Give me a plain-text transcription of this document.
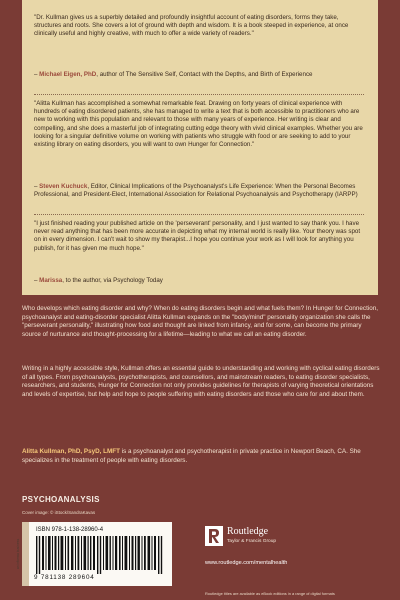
"Dr. Kullman gives us a superbly detailed and profoundly insightful account of eating disorders, forms they take, structures and roots. She covers a lot of ground with depth and wisdom. It is a book steeped in experience, at once clinically useful and highly creative, with much to offer a wide variety of readers."
– Michael Eigen, PhD, author of The Sensitive Self, Contact with the Depths, and Birth of Experience
"Alitta Kullman has accomplished a somewhat remarkable feat. Drawing on forty years of clinical experience with hundreds of eating disordered patients, she has managed to write a text that is both accessible to practitioners who are new to working with this population and relevant to those with many years of experience. Her writing is clear and compelling, and she does a masterful job of integrating cutting edge theory with vivid clinical examples. Whether you are looking for a singular definitive volume on working with patients who struggle with food or are seeking to add to your existing library on eating disorders, you will want to own Hunger for Connection."
– Steven Kuchuck, Editor, Clinical Implications of the Psychoanalyst's Life Experience: When the Personal Becomes Professional, and President-Elect, International Association for Relational Psychoanalysis and Psychotherapy (IARPP)
"I just finished reading your published article on the 'perseverant' personality, and I just wanted to say thank you. I have never read anything that has been more accurate in depicting what my internal world is really like. Your theory was spot on in every dimension. I can't wait to show my therapist...I hope you continue your work as I will look for anything you publish, for it has given me much hope."
– Marissa, to the author, via Psychology Today
Who develops which eating disorder and why? When do eating disorders begin and what fuels them? In Hunger for Connection, psychoanalyst and eating-disorder specialist Alitta Kullman expands on the "body/mind" personality organization she calls the "perseverant personality," illustrating how food and thought are linked from infancy, and for some, can become the primary source of nurturance and thought-processing for a lifetime—leading to what we call an eating disorder.
Writing in a highly accessible style, Kullman offers an essential guide to understanding and working with cyclical eating disorders of all types. From psychoanalysts, psychotherapists, and counsellors, and mainstream readers, to eating disorder specialists, researchers, and students, Hunger for Connection not only provides guidelines for therapists of varying theoretical orientations and levels of expertise, but help and hope to people suffering with eating disorders and those who care for and about them.
Alitta Kullman, PhD, PsyD, LMFT is a psychoanalyst and psychotherapist in private practice in Newport Beach, CA. She specializes in the treatment of people with eating disorders.
PSYCHOANALYSIS
Cover image: © iStock/SandraKavas
an informa business
ISBN 978-1-138-28960-4
9 781138 289604
Routledge
Taylor & Francis Group
www.routledge.com/mentalhealth
Routledge titles are available as eBook editions in a range of digital formats
